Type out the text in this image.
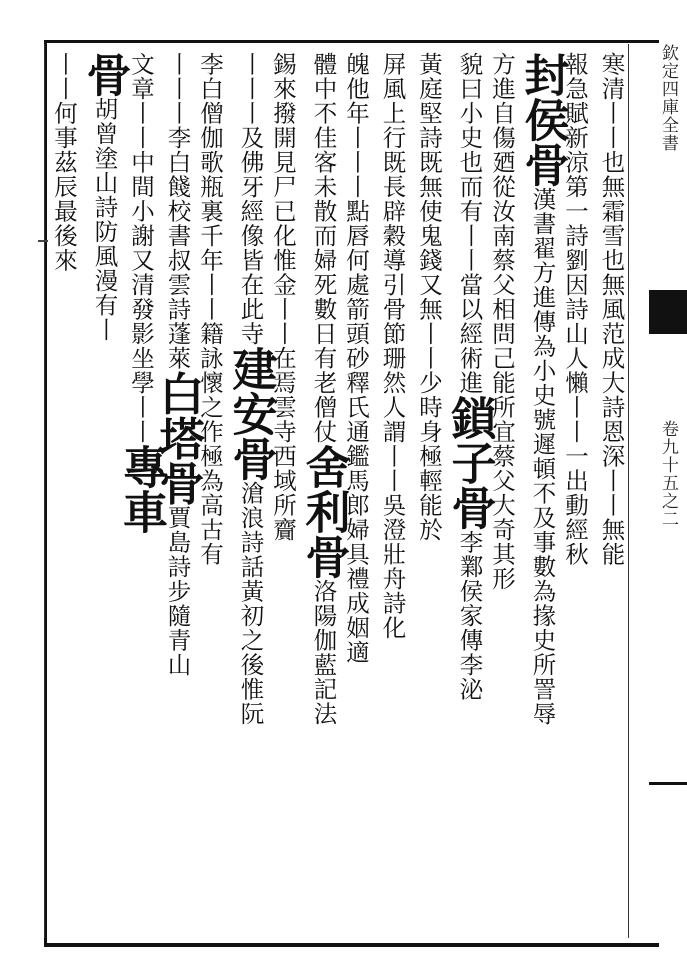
欽定四庫全書
卷九十五之二
寒清丨丨也無霜雪也無風范成大詩恩深丨丨無能
報急賦新涼第一詩劉因詩山人懶丨丨一出動經秋
封侯骨漢書翟方進傳為小史號遲頓不及事數為掾史所詈辱
方進自傷廼從汝南蔡父相問己能所宜蔡父大奇其形
貌曰小史也而有丨丨當以經術進鎖子骨李鄴侯家傳李泌
黃庭堅詩既無使鬼錢又無丨丨少時身極輕能於
屏風上行既長辟穀導引骨節珊然人謂丨丨吳澄壯舟詩化
魄他年丨丨丨點唇何處箭頭砂釋氏通鑑馬郎婦具禮成姻適
體中不佳客未散而婦死數日有老僧仗舍利骨洛陽伽藍記法
錫來撥開見尸已化惟金丨丨在焉雲寺西域所齎
丨丨丨及佛牙經像皆在此寺建安骨滄浪詩話黃初之後惟阮
李白僧伽歌瓶裏千年丨丨籍詠懷之作極為高古有
丨丨丨李白餞校書叔雲詩蓬萊白塔骨賈島詩步隨青山
文章丨丨中間小謝又清發影坐學丨丨專車
骨胡曾塗山詩防風漫有丨
丨丨何事茲辰最後來
